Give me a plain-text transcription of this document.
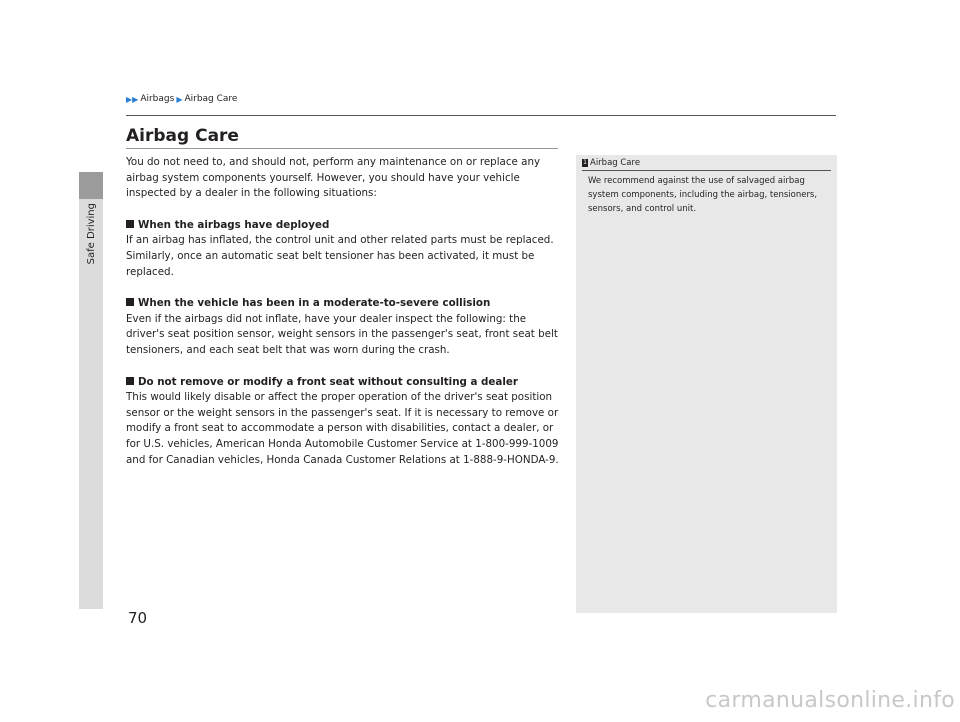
Safe Driving
▶▶ Airbags ▶ Airbag Care
Airbag Care

You do not need to, and should not, perform any maintenance on or replace any airbag system components yourself. However, you should have your vehicle inspected by a dealer in the following situations:

When the airbags have deployed

If an airbag has inflated, the control unit and other related parts must be replaced. Similarly, once an automatic seat belt tensioner has been activated, it must be replaced.

When the vehicle has been in a moderate-to-severe collision

Even if the airbags did not inflate, have your dealer inspect the following: the driver's seat position sensor, weight sensors in the passenger's seat, front seat belt tensioners, and each seat belt that was worn during the crash.

Do not remove or modify a front seat without consulting a dealer

This would likely disable or affect the proper operation of the driver's seat position sensor or the weight sensors in the passenger's seat. If it is necessary to remove or modify a front seat to accommodate a person with disabilities, contact a dealer, or for U.S. vehicles, American Honda Automobile Customer Service at 1-800-999-1009 and for Canadian vehicles, Honda Canada Customer Relations at 1-888-9-HONDA-9.

1 Airbag Care
We recommend against the use of salvaged airbag system components, including the airbag, tensioners, sensors, and control unit.
70
carmanualsonline.info
